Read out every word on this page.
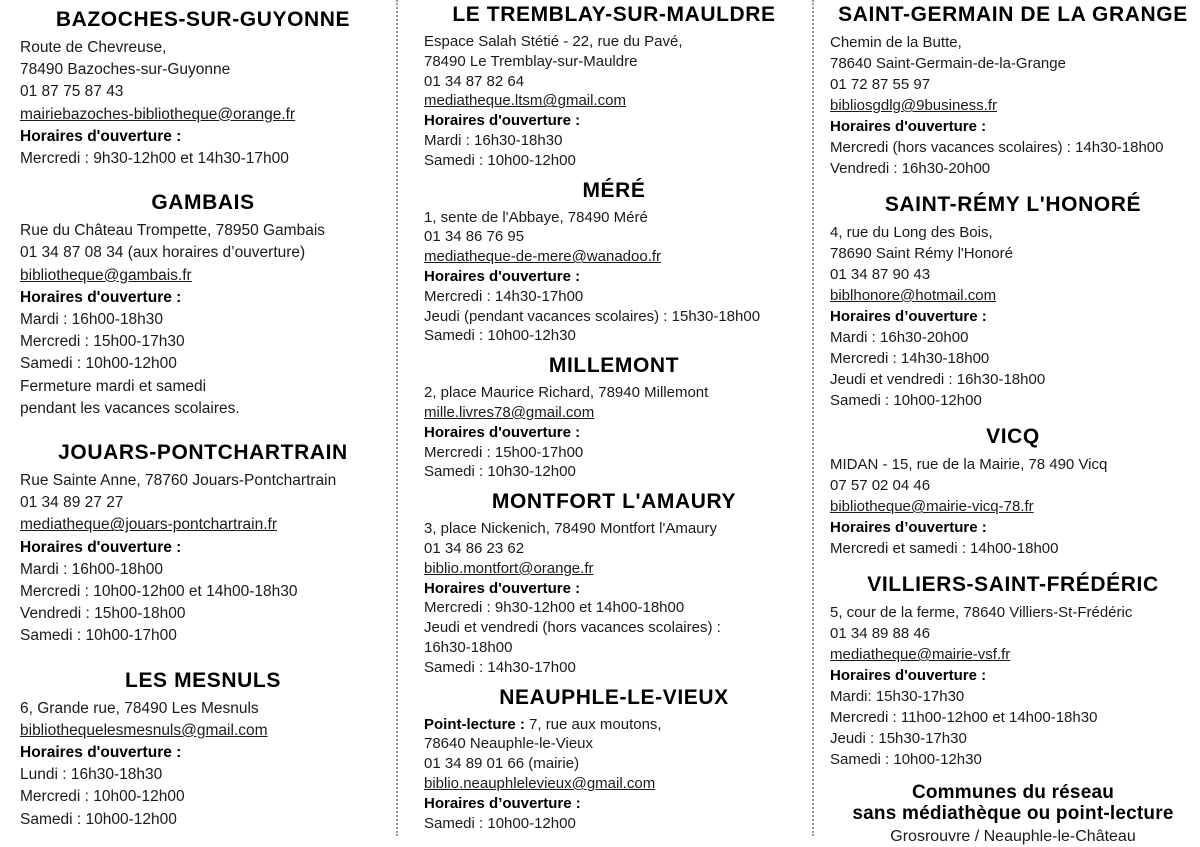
BAZOCHES-SUR-GUYONNE
Route de Chevreuse,
78490 Bazoches-sur-Guyonne
01 87 75 87 43
mairiebazoches-bibliotheque@orange.fr
Horaires d'ouverture :
Mercredi : 9h30-12h00 et 14h30-17h00
GAMBAIS
Rue du Château Trompette, 78950 Gambais
01 34 87 08 34 (aux horaires d’ouverture)
bibliotheque@gambais.fr
Horaires d'ouverture :
Mardi : 16h00-18h30
Mercredi : 15h00-17h30
Samedi : 10h00-12h00
Fermeture mardi et samedi
pendant les vacances scolaires.
JOUARS-PONTCHARTRAIN
Rue Sainte Anne, 78760 Jouars-Pontchartrain
01 34 89 27 27
mediatheque@jouars-pontchartrain.fr
Horaires d'ouverture :
Mardi : 16h00-18h00
Mercredi : 10h00-12h00 et 14h00-18h30
Vendredi : 15h00-18h00
Samedi : 10h00-17h00
LES MESNULS
6, Grande rue, 78490 Les Mesnuls
bibliothequelesmesnuls@gmail.com
Horaires d'ouverture :
Lundi : 16h30-18h30
Mercredi : 10h00-12h00
Samedi : 10h00-12h00
LE TREMBLAY-SUR-MAULDRE
Espace Salah Stétié - 22, rue du Pavé,
78490 Le Tremblay-sur-Mauldre
01 34 87 82 64
mediatheque.ltsm@gmail.com
Horaires d'ouverture :
Mardi : 16h30-18h30
Samedi : 10h00-12h00
MÉRÉ
1, sente de l'Abbaye, 78490 Méré
01 34 86 76 95
mediatheque-de-mere@wanadoo.fr
Horaires d'ouverture :
Mercredi : 14h30-17h00
Jeudi (pendant vacances scolaires) : 15h30-18h00
Samedi : 10h00-12h30
MILLEMONT
2, place Maurice Richard, 78940 Millemont
mille.livres78@gmail.com
Horaires d'ouverture :
Mercredi : 15h00-17h00
Samedi : 10h30-12h00
MONTFORT L'AMAURY
3, place Nickenich, 78490 Montfort l'Amaury
01 34 86 23 62
biblio.montfort@orange.fr
Horaires d'ouverture :
Mercredi : 9h30-12h00 et 14h00-18h00
Jeudi et vendredi (hors vacances scolaires) :
16h30-18h00
Samedi : 14h30-17h00
NEAUPHLE-LE-VIEUX
Point-lecture : 7, rue aux moutons,
78640 Neauphle-le-Vieux
01 34 89 01 66 (mairie)
biblio.neauphlelevieux@gmail.com
Horaires d’ouverture :
Samedi : 10h00-12h00
SAINT-GERMAIN DE LA GRANGE
Chemin de la Butte,
78640 Saint-Germain-de-la-Grange
01 72 87 55 97
bibliosgdlg@9business.fr
Horaires d'ouverture :
Mercredi (hors vacances scolaires) : 14h30-18h00
Vendredi : 16h30-20h00
SAINT-RÉMY L'HONORÉ
4, rue du Long des Bois,
78690 Saint Rémy l'Honoré
01 34 87 90 43
biblhonore@hotmail.com
Horaires d’ouverture :
Mardi : 16h30-20h00
Mercredi : 14h30-18h00
Jeudi et vendredi : 16h30-18h00
Samedi : 10h00-12h00
VICQ
MIDAN - 15, rue de la Mairie, 78 490 Vicq
07 57 02 04 46
bibliotheque@mairie-vicq-78.fr
Horaires d’ouverture :
Mercredi et samedi : 14h00-18h00
VILLIERS-SAINT-FRÉDÉRIC
5, cour de la ferme, 78640 Villiers-St-Frédéric
01 34 89 88 46
mediatheque@mairie-vsf.fr
Horaires d'ouverture :
Mardi: 15h30-17h30
Mercredi : 11h00-12h00 et 14h00-18h30
Jeudi : 15h30-17h30
Samedi : 10h00-12h30
Communes du réseau
sans médiathèque ou point-lecture
Grosrouvre / Neauphle-le-Château
